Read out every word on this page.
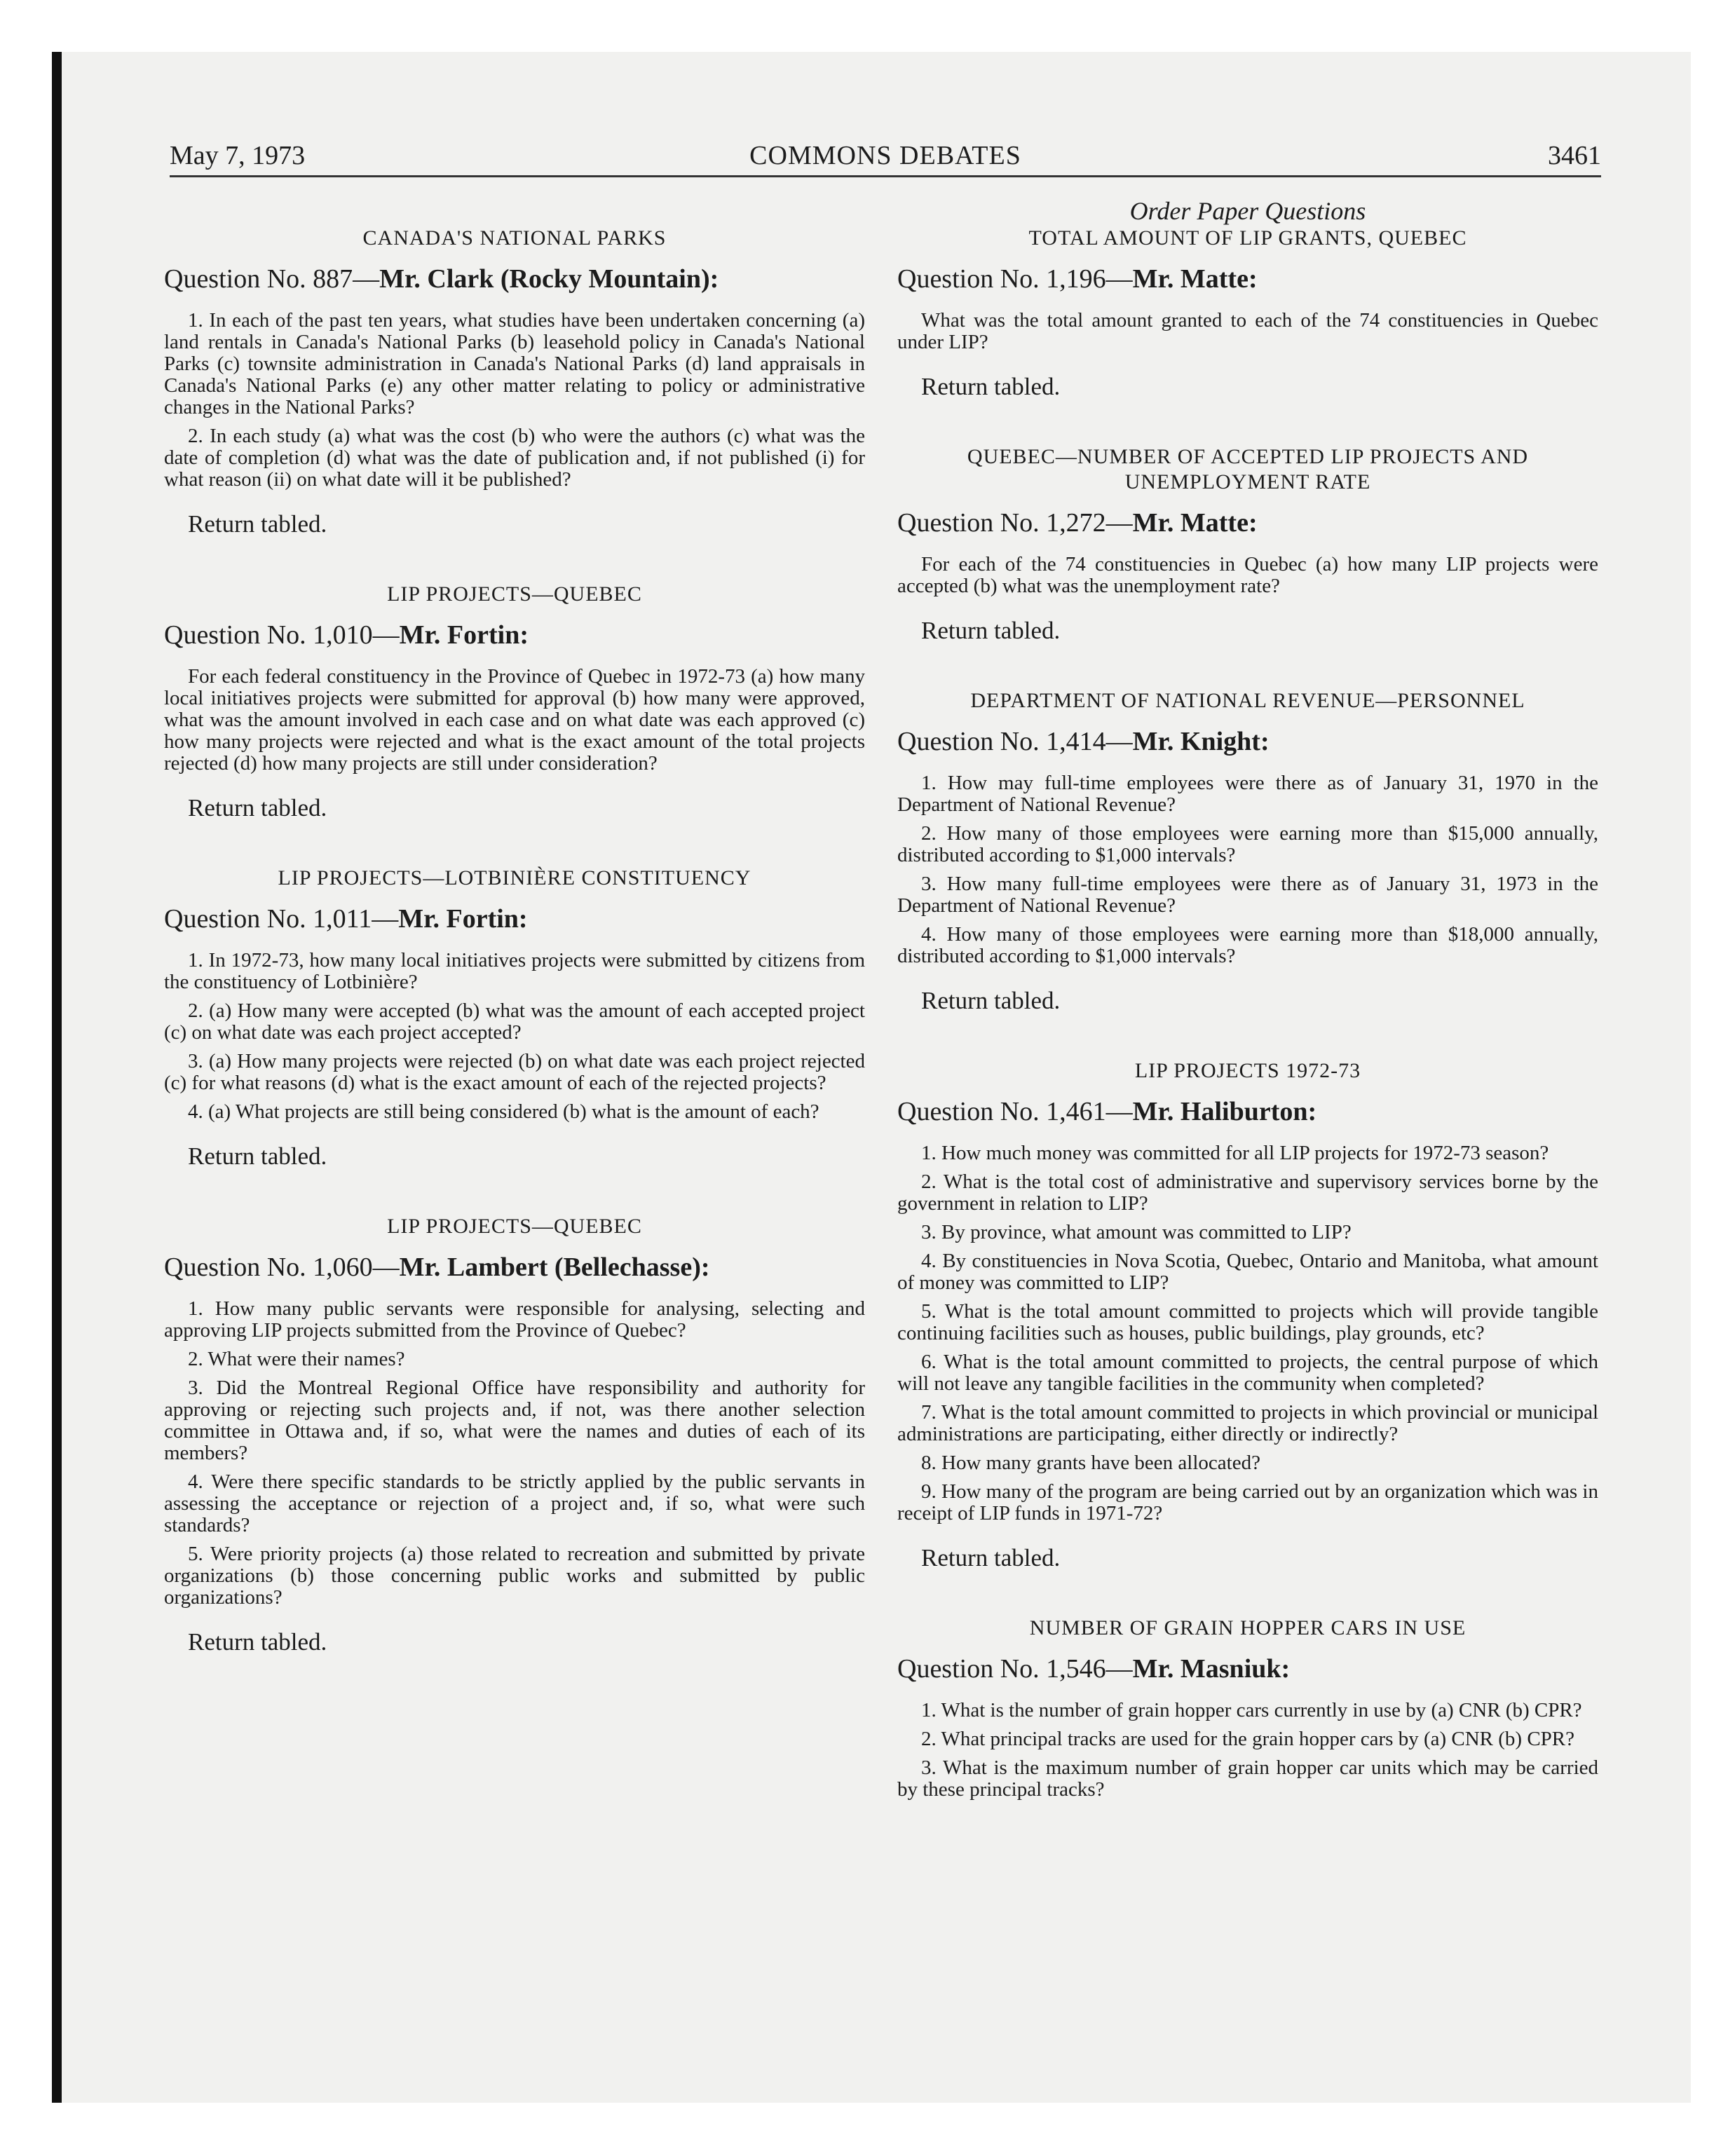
May 7, 1973	COMMONS DEBATES	3461
CANADA'S NATIONAL PARKS
Question No. 887—Mr. Clark (Rocky Mountain):

1. In each of the past ten years, what studies have been undertaken concerning (a) land rentals in Canada's National Parks (b) leasehold policy in Canada's National Parks (c) townsite administration in Canada's National Parks (d) land appraisals in Canada's National Parks (e) any other matter relating to policy or administrative changes in the National Parks?

2. In each study (a) what was the cost (b) who were the authors (c) what was the date of completion (d) what was the date of publication and, if not published (i) for what reason (ii) on what date will it be published?

Return tabled.
LIP PROJECTS—QUEBEC
Question No. 1,010—Mr. Fortin:

For each federal constituency in the Province of Quebec in 1972-73 (a) how many local initiatives projects were submitted for approval (b) how many were approved, what was the amount involved in each case and on what date was each approved (c) how many projects were rejected and what is the exact amount of the total projects rejected (d) how many projects are still under consideration?

Return tabled.
LIP PROJECTS—LOTBINIÈRE CONSTITUENCY
Question No. 1,011—Mr. Fortin:

1. In 1972-73, how many local initiatives projects were submitted by citizens from the constituency of Lotbinière?

2. (a) How many were accepted (b) what was the amount of each accepted project (c) on what date was each project accepted?

3. (a) How many projects were rejected (b) on what date was each project rejected (c) for what reasons (d) what is the exact amount of each of the rejected projects?

4. (a) What projects are still being considered (b) what is the amount of each?

Return tabled.
LIP PROJECTS—QUEBEC
Question No. 1,060—Mr. Lambert (Bellechasse):

1. How many public servants were responsible for analysing, selecting and approving LIP projects submitted from the Province of Quebec?

2. What were their names?

3. Did the Montreal Regional Office have responsibility and authority for approving or rejecting such projects and, if not, was there another selection committee in Ottawa and, if so, what were the names and duties of each of its members?

4. Were there specific standards to be strictly applied by the public servants in assessing the acceptance or rejection of a project and, if so, what were such standards?

5. Were priority projects (a) those related to recreation and submitted by private organizations (b) those concerning public works and submitted by public organizations?

Return tabled.
Order Paper Questions
TOTAL AMOUNT OF LIP GRANTS, QUEBEC
Question No. 1,196—Mr. Matte:

What was the total amount granted to each of the 74 constituencies in Quebec under LIP?

Return tabled.
QUEBEC—NUMBER OF ACCEPTED LIP PROJECTS AND UNEMPLOYMENT RATE
Question No. 1,272—Mr. Matte:

For each of the 74 constituencies in Quebec (a) how many LIP projects were accepted (b) what was the unemployment rate?

Return tabled.
DEPARTMENT OF NATIONAL REVENUE—PERSONNEL
Question No. 1,414—Mr. Knight:

1. How may full-time employees were there as of January 31, 1970 in the Department of National Revenue?

2. How many of those employees were earning more than $15,000 annually, distributed according to $1,000 intervals?

3. How many full-time employees were there as of January 31, 1973 in the Department of National Revenue?

4. How many of those employees were earning more than $18,000 annually, distributed according to $1,000 intervals?

Return tabled.
LIP PROJECTS 1972-73
Question No. 1,461—Mr. Haliburton:

1. How much money was committed for all LIP projects for 1972-73 season?

2. What is the total cost of administrative and supervisory services borne by the government in relation to LIP?

3. By province, what amount was committed to LIP?

4. By constituencies in Nova Scotia, Quebec, Ontario and Manitoba, what amount of money was committed to LIP?

5. What is the total amount committed to projects which will provide tangible continuing facilities such as houses, public buildings, play grounds, etc?

6. What is the total amount committed to projects, the central purpose of which will not leave any tangible facilities in the community when completed?

7. What is the total amount committed to projects in which provincial or municipal administrations are participating, either directly or indirectly?

8. How many grants have been allocated?

9. How many of the program are being carried out by an organization which was in receipt of LIP funds in 1971-72?

Return tabled.
NUMBER OF GRAIN HOPPER CARS IN USE
Question No. 1,546—Mr. Masniuk:

1. What is the number of grain hopper cars currently in use by (a) CNR (b) CPR?

2. What principal tracks are used for the grain hopper cars by (a) CNR (b) CPR?

3. What is the maximum number of grain hopper car units which may be carried by these principal tracks?
